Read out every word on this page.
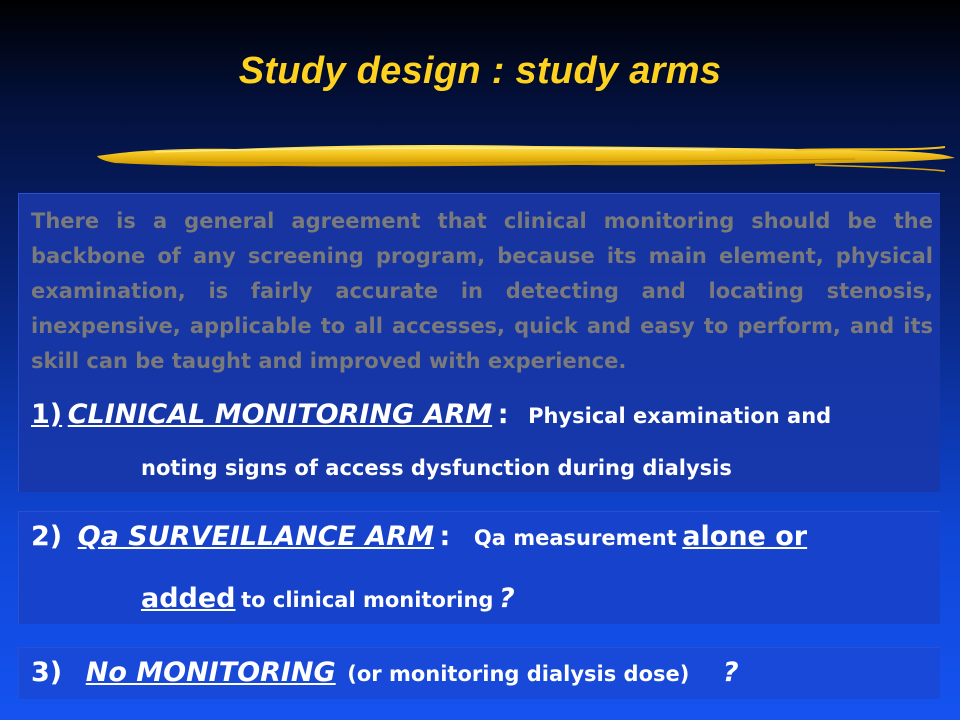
Study design : study arms

There is a general agreement that clinical monitoring should be the backbone of any screening program, because its main element, physical examination, is fairly accurate in detecting and locating stenosis, inexpensive, applicable to all accesses, quick and easy to perform, and its skill can be taught and improved with experience.

1) CLINICAL MONITORING ARM : Physical examination and
noting signs of access dysfunction during dialysis
2) Qa SURVEILLANCE ARM : Qa measurement alone or
added to clinical monitoring ?
3) No MONITORING (or monitoring dialysis dose) ?
